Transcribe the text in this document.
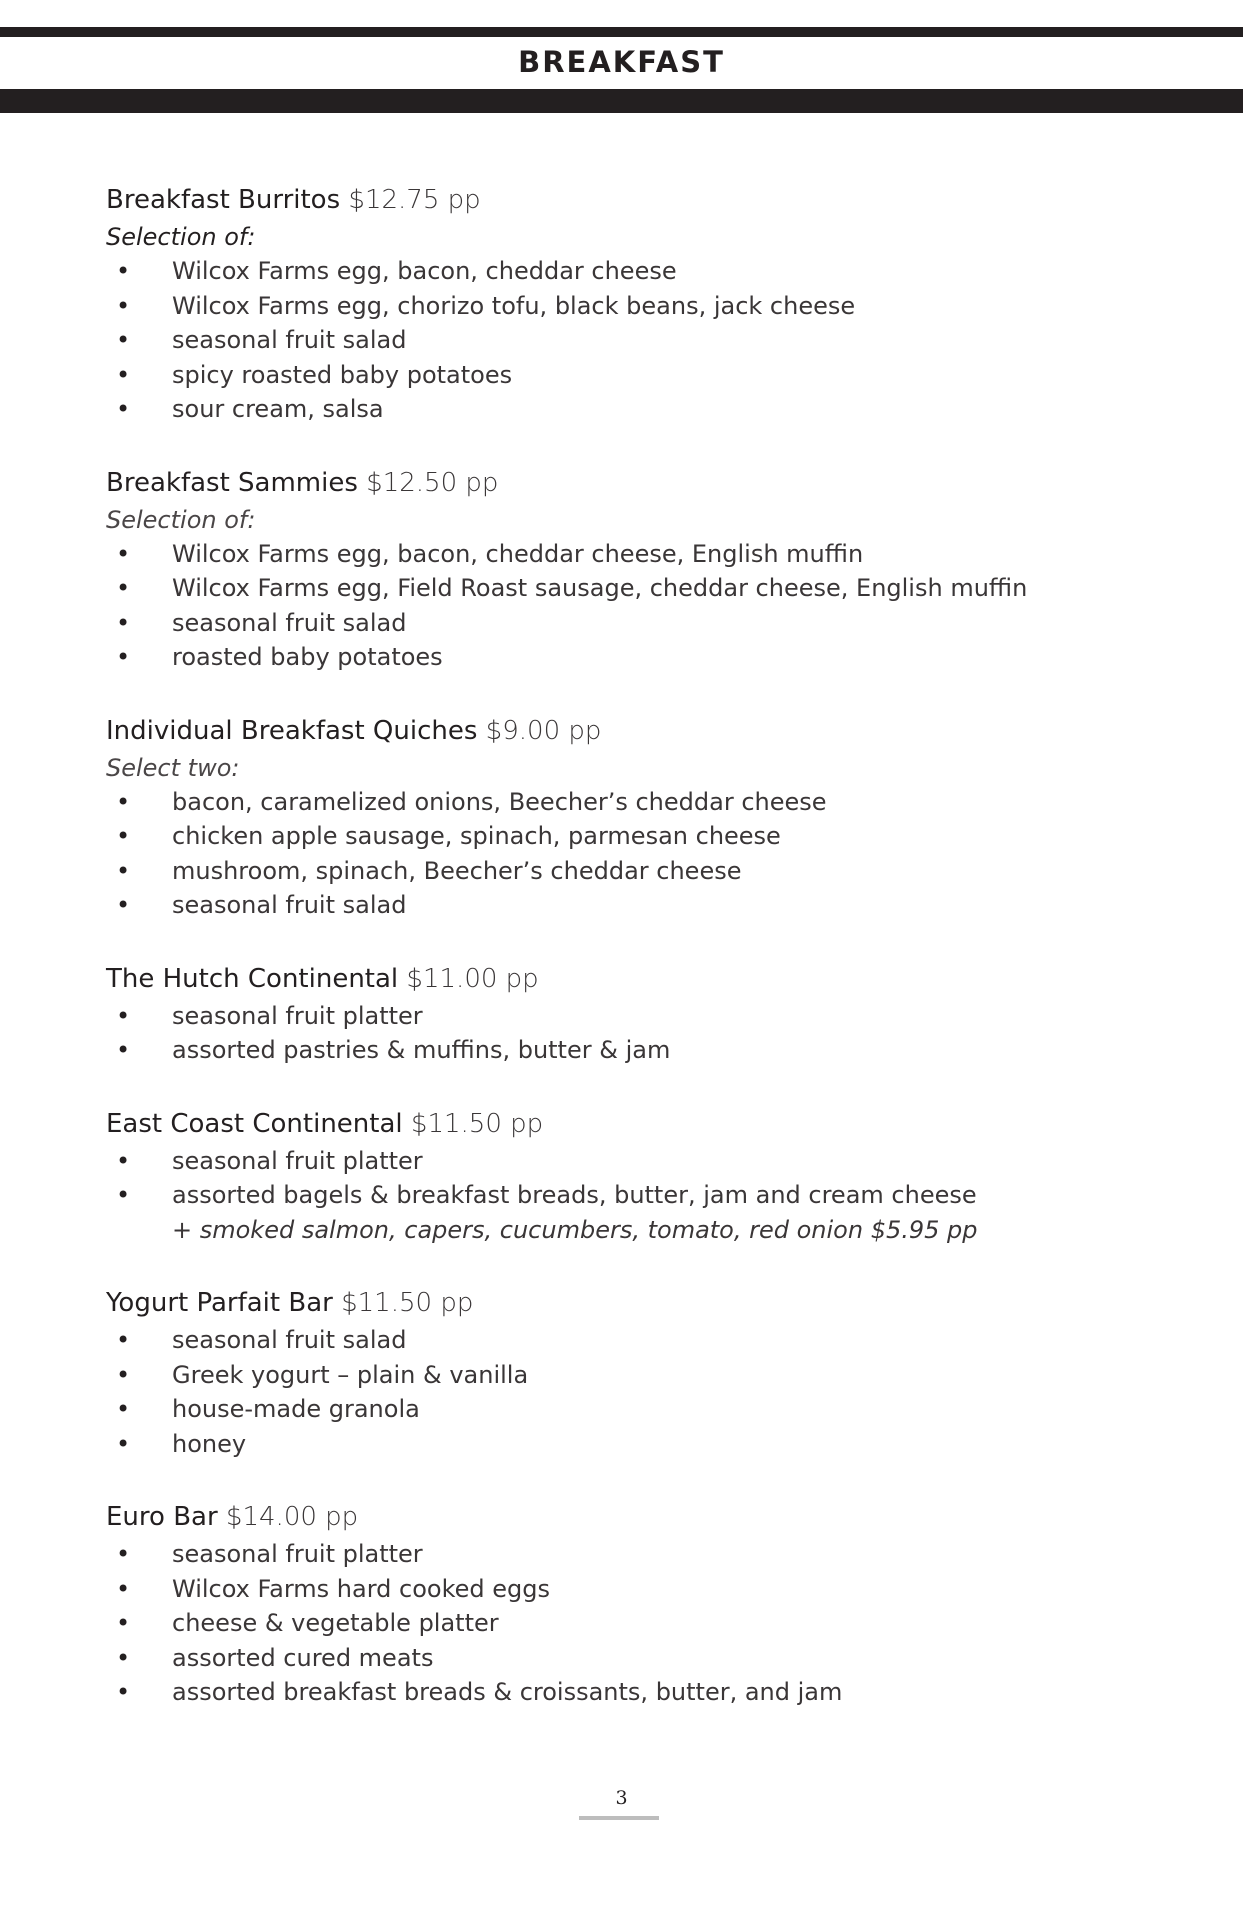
BREAKFAST
Breakfast Burritos $12.75 pp
Selection of:
• Wilcox Farms egg, bacon, cheddar cheese
• Wilcox Farms egg, chorizo tofu, black beans, jack cheese
• seasonal fruit salad
• spicy roasted baby potatoes
• sour cream, salsa
Breakfast Sammies $12.50 pp
Selection of:
• Wilcox Farms egg, bacon, cheddar cheese, English muffin
• Wilcox Farms egg, Field Roast sausage, cheddar cheese, English muffin
• seasonal fruit salad
• roasted baby potatoes
Individual Breakfast Quiches $9.00 pp
Select two:
• bacon, caramelized onions, Beecher’s cheddar cheese
• chicken apple sausage, spinach, parmesan cheese
• mushroom, spinach, Beecher’s cheddar cheese
• seasonal fruit salad
The Hutch Continental $11.00 pp
• seasonal fruit platter
• assorted pastries & muffins, butter & jam
East Coast Continental $11.50 pp
• seasonal fruit platter
• assorted bagels & breakfast breads, butter, jam and cream cheese
+ smoked salmon, capers, cucumbers, tomato, red onion $5.95 pp
Yogurt Parfait Bar $11.50 pp
• seasonal fruit salad
• Greek yogurt – plain & vanilla
• house-made granola
• honey
Euro Bar $14.00 pp
• seasonal fruit platter
• Wilcox Farms hard cooked eggs
• cheese & vegetable platter
• assorted cured meats
• assorted breakfast breads & croissants, butter, and jam
3
